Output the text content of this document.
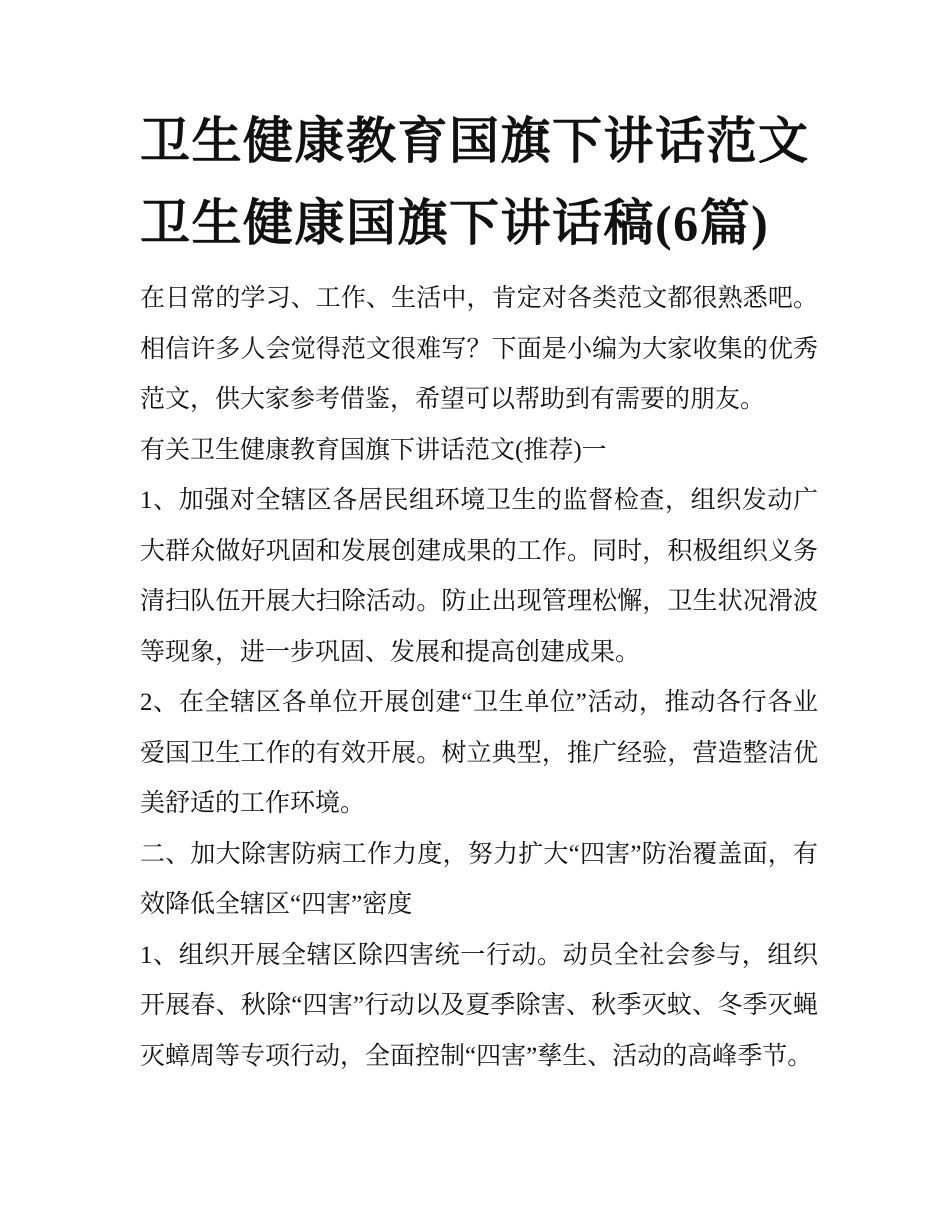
卫生健康教育国旗下讲话范文
卫生健康国旗下讲话稿(6篇)

在日常的学习、工作、生活中，肯定对各类范文都很熟悉吧。相信许多人会觉得范文很难写？下面是小编为大家收集的优秀范文，供大家参考借鉴，希望可以帮助到有需要的朋友。

有关卫生健康教育国旗下讲话范文(推荐)一

1、加强对全辖区各居民组环境卫生的监督检查，组织发动广大群众做好巩固和发展创建成果的工作。同时，积极组织义务清扫队伍开展大扫除活动。防止出现管理松懈，卫生状况滑波等现象，进一步巩固、发展和提高创建成果。

2、在全辖区各单位开展创建“卫生单位”活动，推动各行各业爱国卫生工作的有效开展。树立典型，推广经验，营造整洁优美舒适的工作环境。

二、加大除害防病工作力度，努力扩大“四害”防治覆盖面，有效降低全辖区“四害”密度

1、组织开展全辖区除四害统一行动。动员全社会参与，组织开展春、秋除“四害”行动以及夏季除害、秋季灭蚊、冬季灭蝇灭蟑周等专项行动，全面控制“四害”孳生、活动的高峰季节。
